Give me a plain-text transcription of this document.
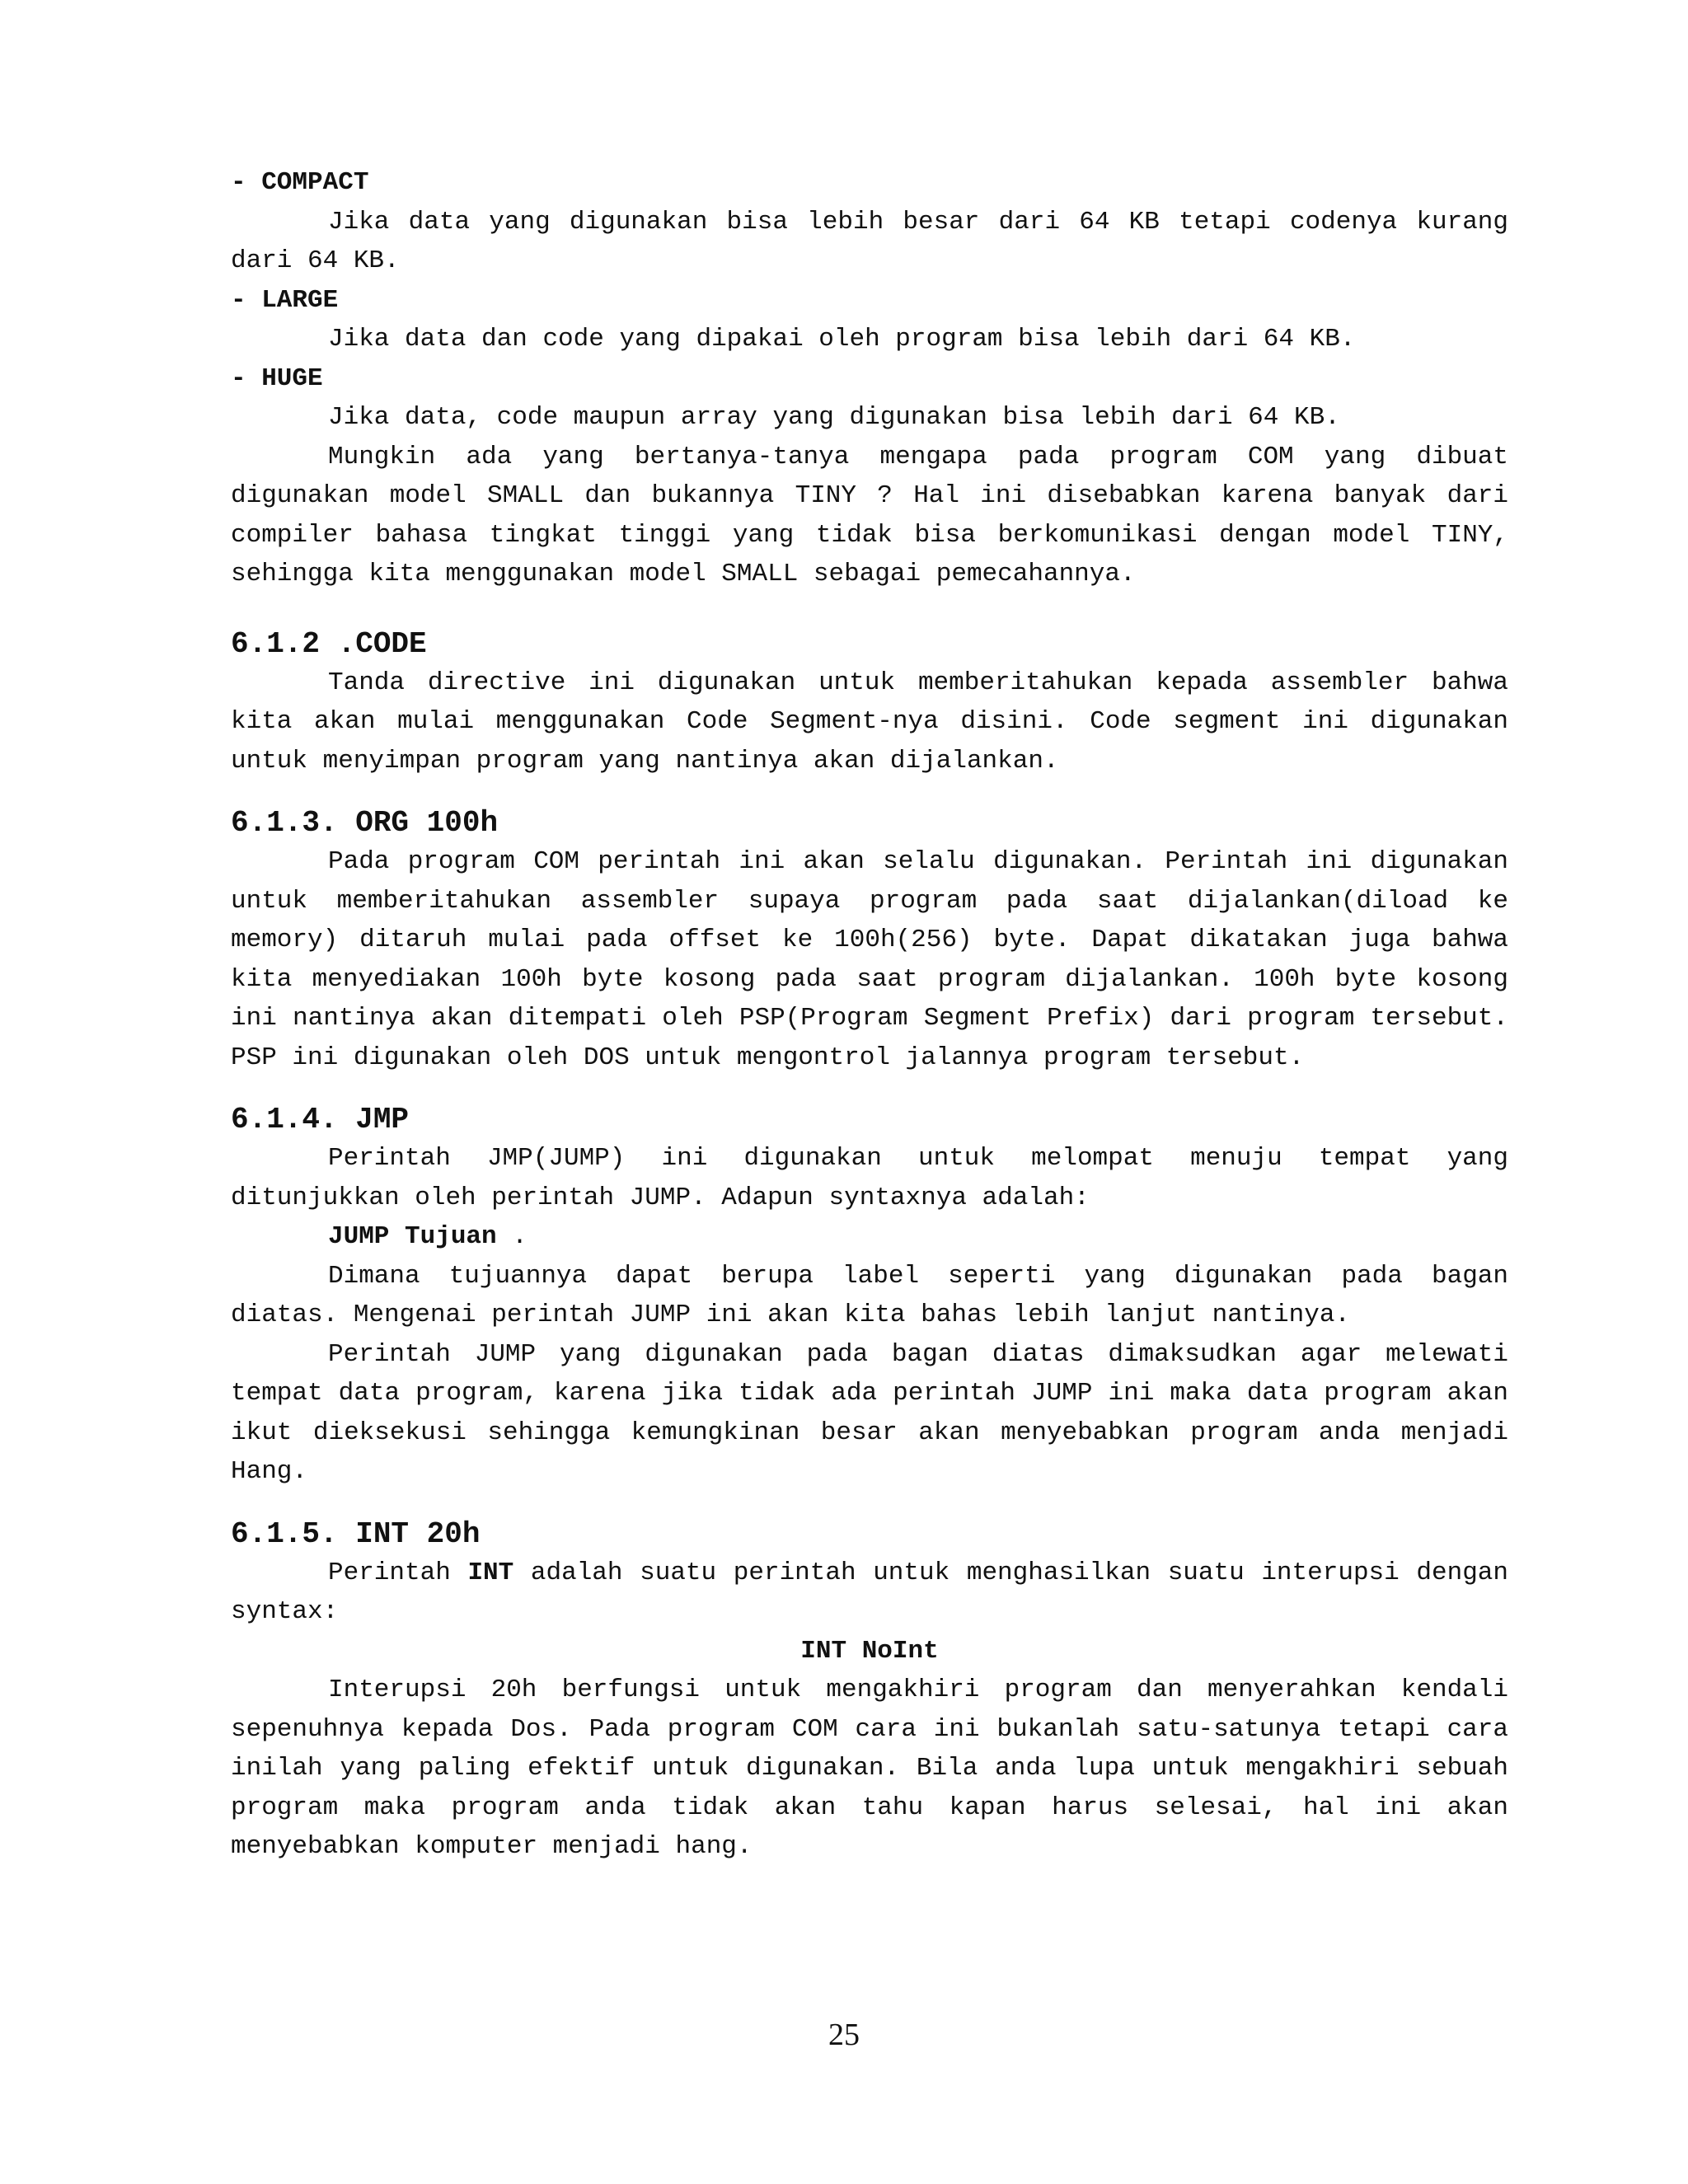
- COMPACT

Jika data yang digunakan bisa lebih besar dari 64 KB tetapi codenya kurang dari 64 KB.

- LARGE

Jika data dan code yang dipakai oleh program bisa lebih dari 64 KB.

- HUGE

Jika data, code maupun array yang digunakan bisa lebih dari 64 KB.

Mungkin ada yang bertanya-tanya mengapa pada program COM yang dibuat digunakan model SMALL dan bukannya TINY ? Hal ini disebabkan karena banyak dari compiler bahasa tingkat tinggi yang tidak bisa berkomunikasi dengan model TINY, sehingga kita menggunakan model SMALL sebagai pemecahannya.

6.1.2 .CODE

Tanda directive ini digunakan untuk memberitahukan kepada assembler bahwa kita akan mulai menggunakan Code Segment-nya disini. Code segment ini digunakan untuk menyimpan program yang nantinya akan dijalankan.

6.1.3. ORG 100h

Pada program COM perintah ini akan selalu digunakan. Perintah ini digunakan untuk memberitahukan assembler supaya program pada saat dijalankan(diload ke memory) ditaruh mulai pada offset ke 100h(256) byte. Dapat dikatakan juga bahwa kita menyediakan 100h byte kosong pada saat program dijalankan. 100h byte kosong ini nantinya akan ditempati oleh PSP(Program Segment Prefix) dari program tersebut. PSP ini digunakan oleh DOS untuk mengontrol jalannya program tersebut.

6.1.4. JMP

Perintah JMP(JUMP) ini digunakan untuk melompat menuju tempat yang ditunjukkan oleh perintah JUMP. Adapun syntaxnya adalah:

JUMP Tujuan .

Dimana tujuannya dapat berupa label seperti yang digunakan pada bagan diatas. Mengenai perintah JUMP ini akan kita bahas lebih lanjut nantinya.

Perintah JUMP yang digunakan pada bagan diatas dimaksudkan agar melewati tempat data program, karena jika tidak ada perintah JUMP ini maka data program akan ikut dieksekusi sehingga kemungkinan besar akan menyebabkan program anda menjadi Hang.

6.1.5. INT 20h

Perintah INT adalah suatu perintah untuk menghasilkan suatu interupsi dengan syntax:

INT NoInt

Interupsi 20h berfungsi untuk mengakhiri program dan menyerahkan kendali sepenuhnya kepada Dos. Pada program COM cara ini bukanlah satu-satunya tetapi cara inilah yang paling efektif untuk digunakan. Bila anda lupa untuk mengakhiri sebuah program maka program anda tidak akan tahu kapan harus selesai, hal ini akan menyebabkan komputer menjadi hang.

25
